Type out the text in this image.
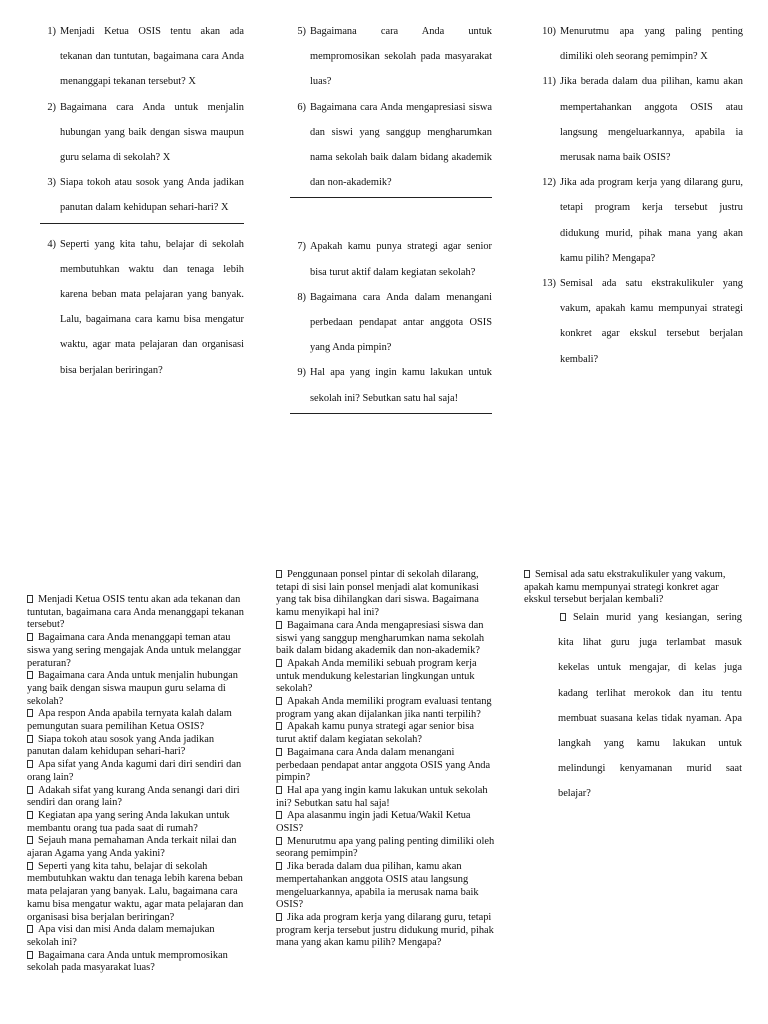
1) Menjadi Ketua OSIS tentu akan ada tekanan dan tuntutan, bagaimana cara Anda menanggapi tekanan tersebut? X
2) Bagaimana cara Anda untuk menjalin hubungan yang baik dengan siswa maupun guru selama di sekolah? X
3) Siapa tokoh atau sosok yang Anda jadikan panutan dalam kehidupan sehari-hari? X
4) Seperti yang kita tahu, belajar di sekolah membutuhkan waktu dan tenaga lebih karena beban mata pelajaran yang banyak. Lalu, bagaimana cara kamu bisa mengatur waktu, agar mata pelajaran dan organisasi bisa berjalan beriringan?
5) Bagaimana cara Anda untuk mempromosikan sekolah pada masyarakat luas?
6) Bagaimana cara Anda mengapresiasi siswa dan siswi yang sanggup mengharumkan nama sekolah baik dalam bidang akademik dan non-akademik?
7) Apakah kamu punya strategi agar senior bisa turut aktif dalam kegiatan sekolah?
8) Bagaimana cara Anda dalam menangani perbedaan pendapat antar anggota OSIS yang Anda pimpin?
9) Hal apa yang ingin kamu lakukan untuk sekolah ini? Sebutkan satu hal saja!
10) Menurutmu apa yang paling penting dimiliki oleh seorang pemimpin? X
11) Jika berada dalam dua pilihan, kamu akan mempertahankan anggota OSIS atau langsung mengeluarkannya, apabila ia merusak nama baik OSIS?
12) Jika ada program kerja yang dilarang guru, tetapi program kerja tersebut justru didukung murid, pihak mana yang akan kamu pilih? Mengapa?
13) Semisal ada satu ekstrakulikuler yang vakum, apakah kamu mempunyai strategi konkret agar ekskul tersebut berjalan kembali?
Menjadi Ketua OSIS tentu akan ada tekanan dan tuntutan, bagaimana cara Anda menanggapi tekanan tersebut?
Bagaimana cara Anda menanggapi teman atau siswa yang sering mengajak Anda untuk melanggar peraturan?
Bagaimana cara Anda untuk menjalin hubungan yang baik dengan siswa maupun guru selama di sekolah?
Apa respon Anda apabila ternyata kalah dalam pemungutan suara pemilihan Ketua OSIS?
Siapa tokoh atau sosok yang Anda jadikan panutan dalam kehidupan sehari-hari?
Apa sifat yang Anda kagumi dari diri sendiri dan orang lain?
Adakah sifat yang kurang Anda senangi dari diri sendiri dan orang lain?
Kegiatan apa yang sering Anda lakukan untuk membantu orang tua pada saat di rumah?
Sejauh mana pemahaman Anda terkait nilai dan ajaran Agama yang Anda yakini?
Seperti yang kita tahu, belajar di sekolah membutuhkan waktu dan tenaga lebih karena beban mata pelajaran yang banyak. Lalu, bagaimana cara kamu bisa mengatur waktu, agar mata pelajaran dan organisasi bisa berjalan beriringan?
Apa visi dan misi Anda dalam memajukan sekolah ini?
Bagaimana cara Anda untuk mempromosikan sekolah pada masyarakat luas?
Penggunaan ponsel pintar di sekolah dilarang, tetapi di sisi lain ponsel menjadi alat komunikasi yang tak bisa dihilangkan dari siswa. Bagaimana kamu menyikapi hal ini?
Bagaimana cara Anda mengapresiasi siswa dan siswi yang sanggup mengharumkan nama sekolah baik dalam bidang akademik dan non-akademik?
Apakah Anda memiliki sebuah program kerja untuk mendukung kelestarian lingkungan untuk sekolah?
Apakah Anda memiliki program evaluasi tentang program yang akan dijalankan jika nanti terpilih?
Apakah kamu punya strategi agar senior bisa turut aktif dalam kegiatan sekolah?
Bagaimana cara Anda dalam menangani perbedaan pendapat antar anggota OSIS yang Anda pimpin?
Hal apa yang ingin kamu lakukan untuk sekolah ini? Sebutkan satu hal saja!
Apa alasanmu ingin jadi Ketua/Wakil Ketua OSIS?
Menurutmu apa yang paling penting dimiliki oleh seorang pemimpin?
Jika berada dalam dua pilihan, kamu akan mempertahankan anggota OSIS atau langsung mengeluarkannya, apabila ia merusak nama baik OSIS?
Jika ada program kerja yang dilarang guru, tetapi program kerja tersebut justru didukung murid, pihak mana yang akan kamu pilih? Mengapa?
Semisal ada satu ekstrakulikuler yang vakum, apakah kamu mempunyai strategi konkret agar ekskul tersebut berjalan kembali?
Selain murid yang kesiangan, sering kita lihat guru juga terlambat masuk kekelas untuk mengajar, di kelas juga kadang terlihat merokok dan itu tentu membuat suasana kelas tidak nyaman. Apa langkah yang kamu lakukan untuk melindungi kenyamanan murid saat belajar?
